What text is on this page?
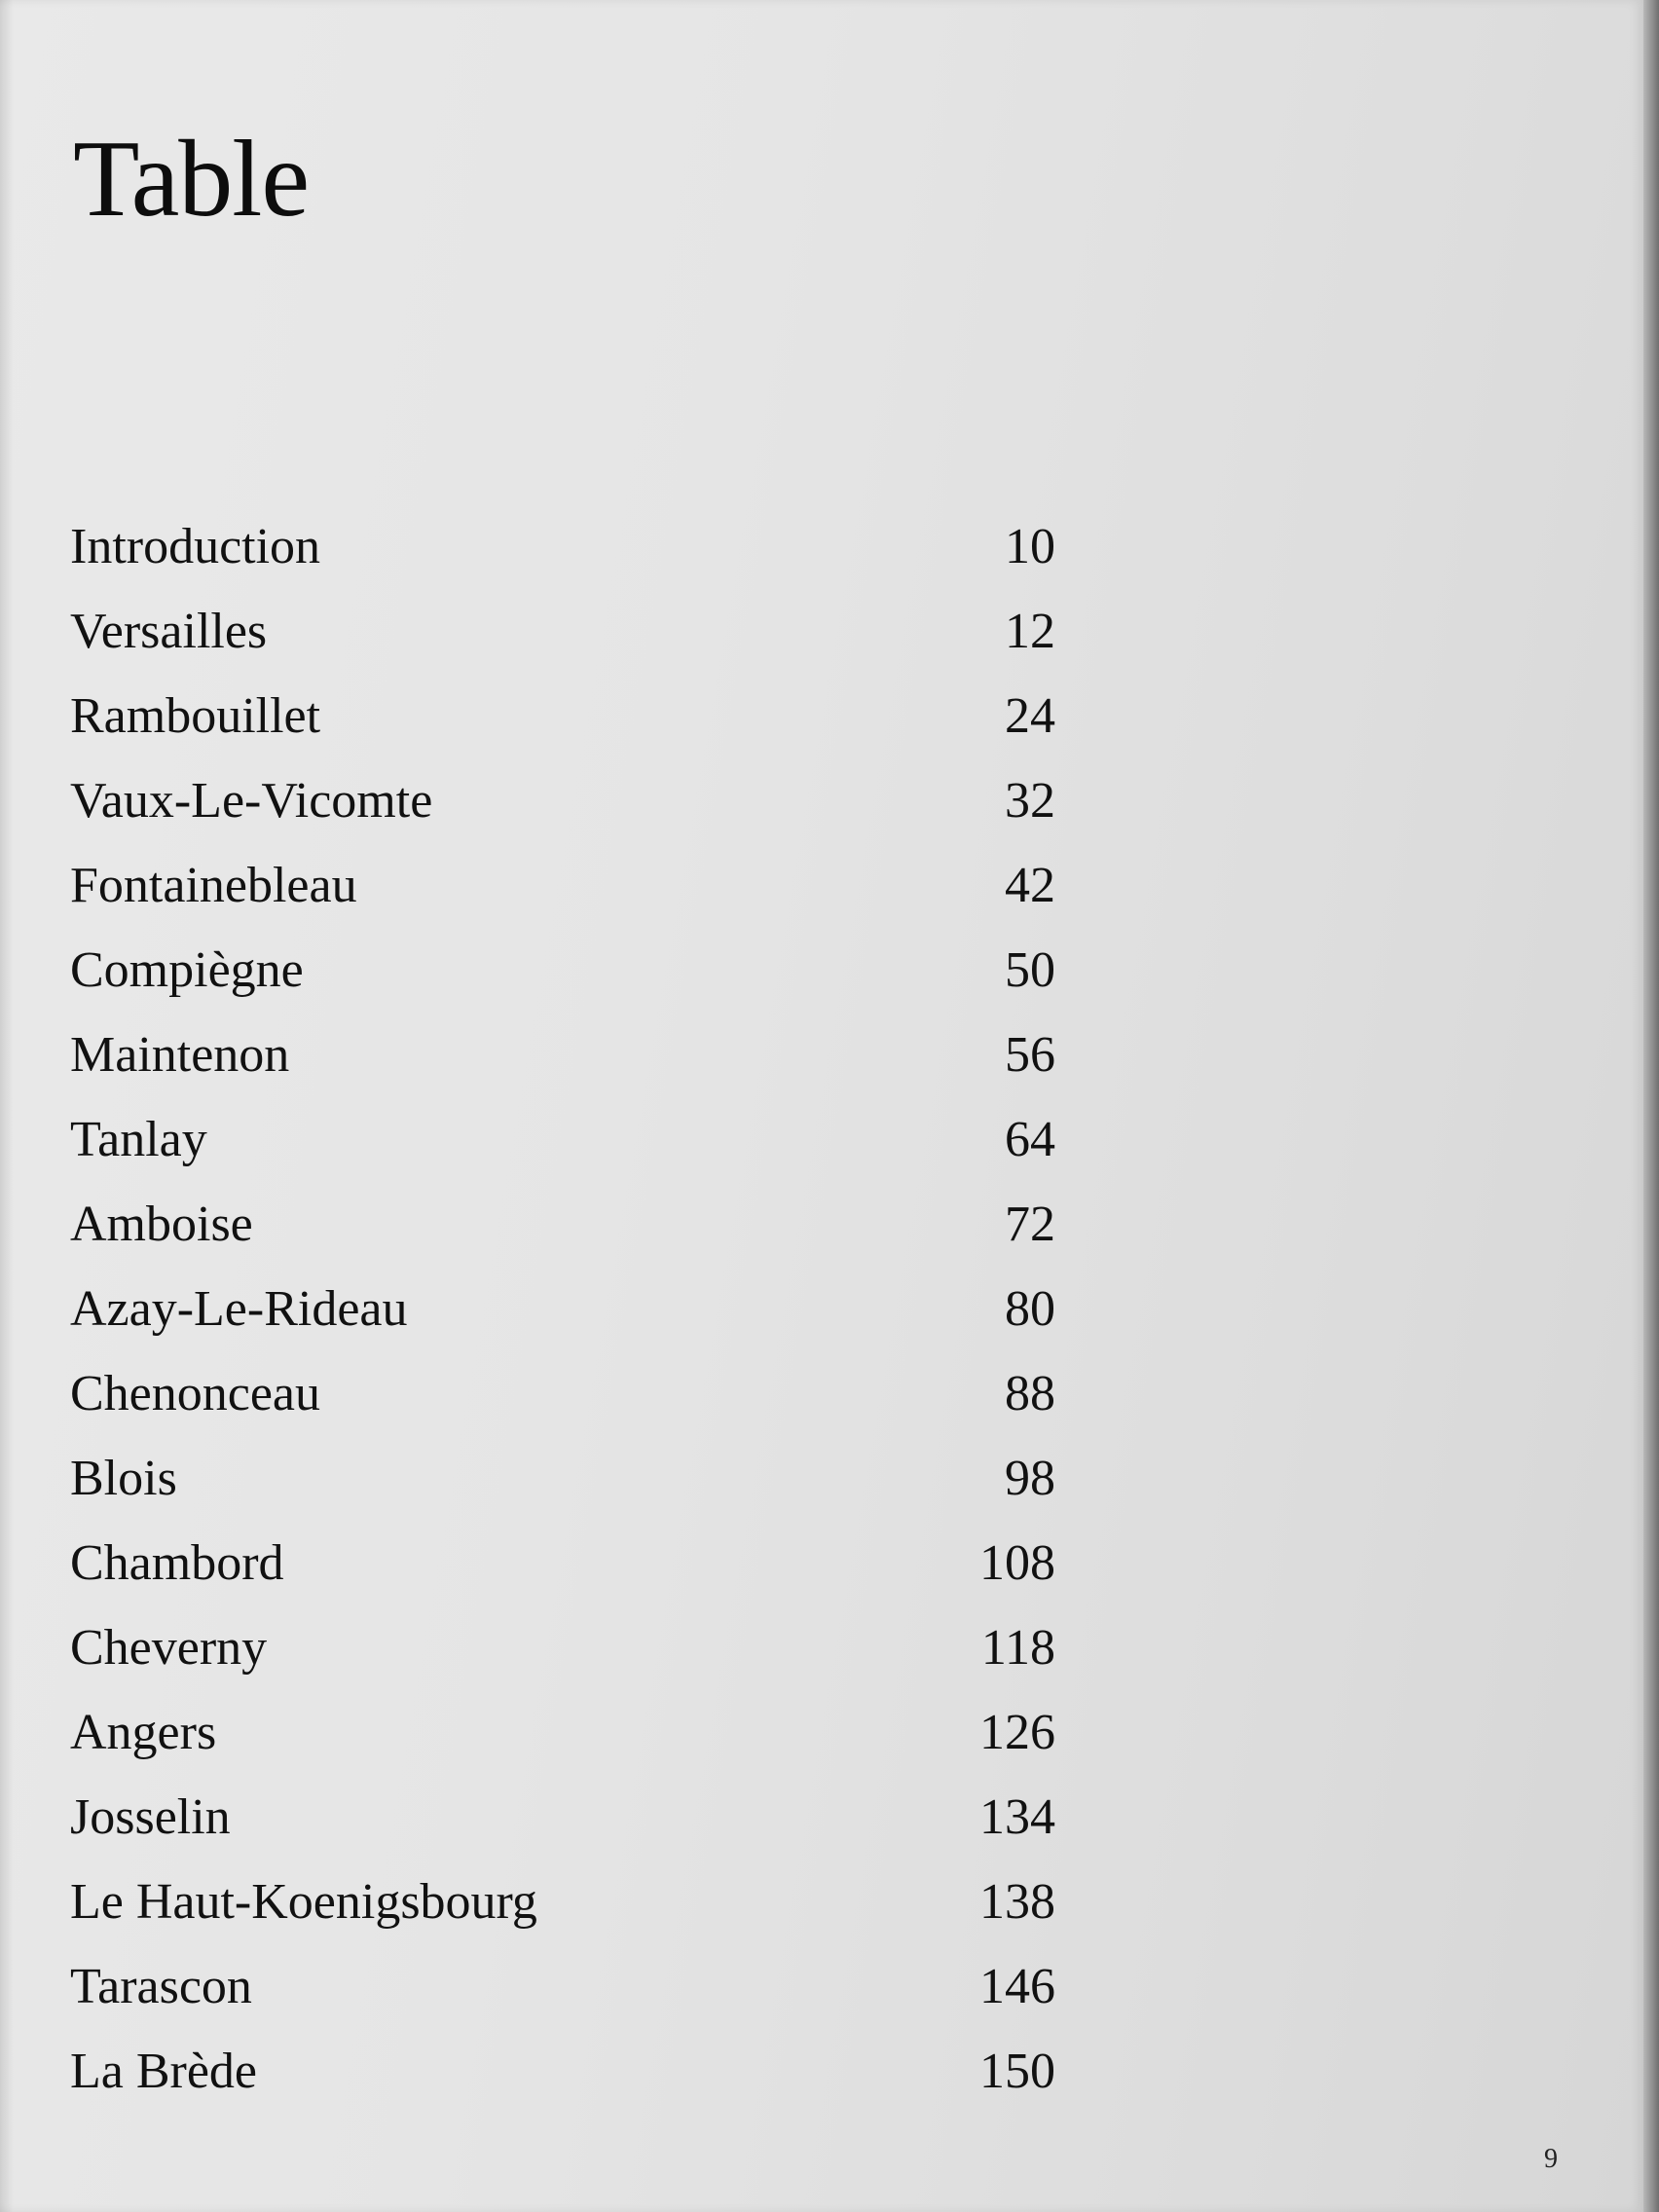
Table
Introduction	10
Versailles	12
Rambouillet	24
Vaux-Le-Vicomte	32
Fontainebleau	42
Compiègne	50
Maintenon	56
Tanlay	64
Amboise	72
Azay-Le-Rideau	80
Chenonceau	88
Blois	98
Chambord	108
Cheverny	118
Angers	126
Josselin	134
Le Haut-Koenigsbourg	138
Tarascon	146
La Brède	150
9
